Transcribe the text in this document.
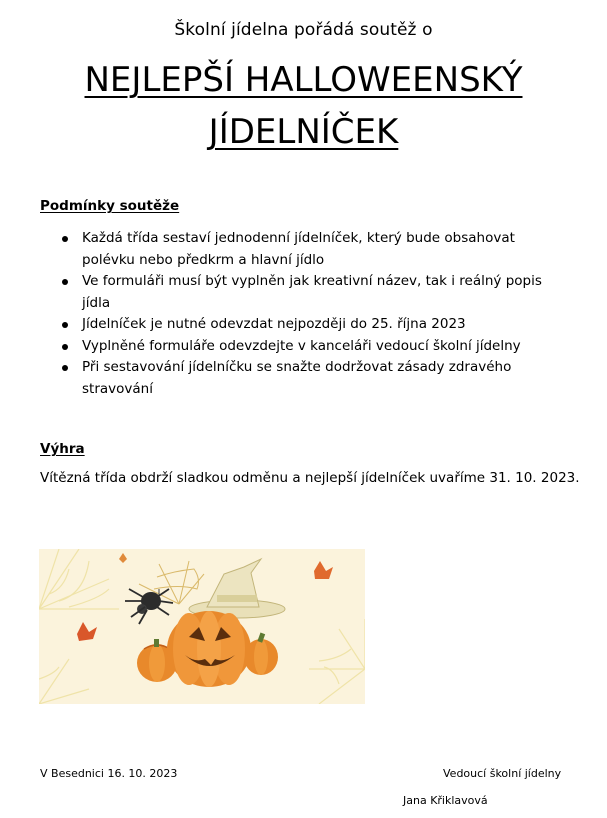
Školní jídelna pořádá soutěž o
NEJLEPŠÍ HALLOWEENSKÝ
JÍDELNÍČEK
Podmínky soutěže
Každá třída sestaví jednodenní jídelníček, který bude obsahovat polévku nebo předkrm a hlavní jídlo
Ve formuláři musí být vyplněn jak kreativní název, tak i reálný popis jídla
Jídelníček je nutné odevzdat nejpozději do 25. října 2023
Vyplněné formuláře odevzdejte v kanceláři vedoucí školní jídelny
Při sestavování jídelníčku se snažte dodržovat zásady zdravého stravování
Výhra
Vítězná třída obdrží sladkou odměnu a nejlepší jídelníček uvaříme 31. 10. 2023.
V Besednici 16. 10. 2023	Vedoucí školní jídelny
Jana Křiklavová
